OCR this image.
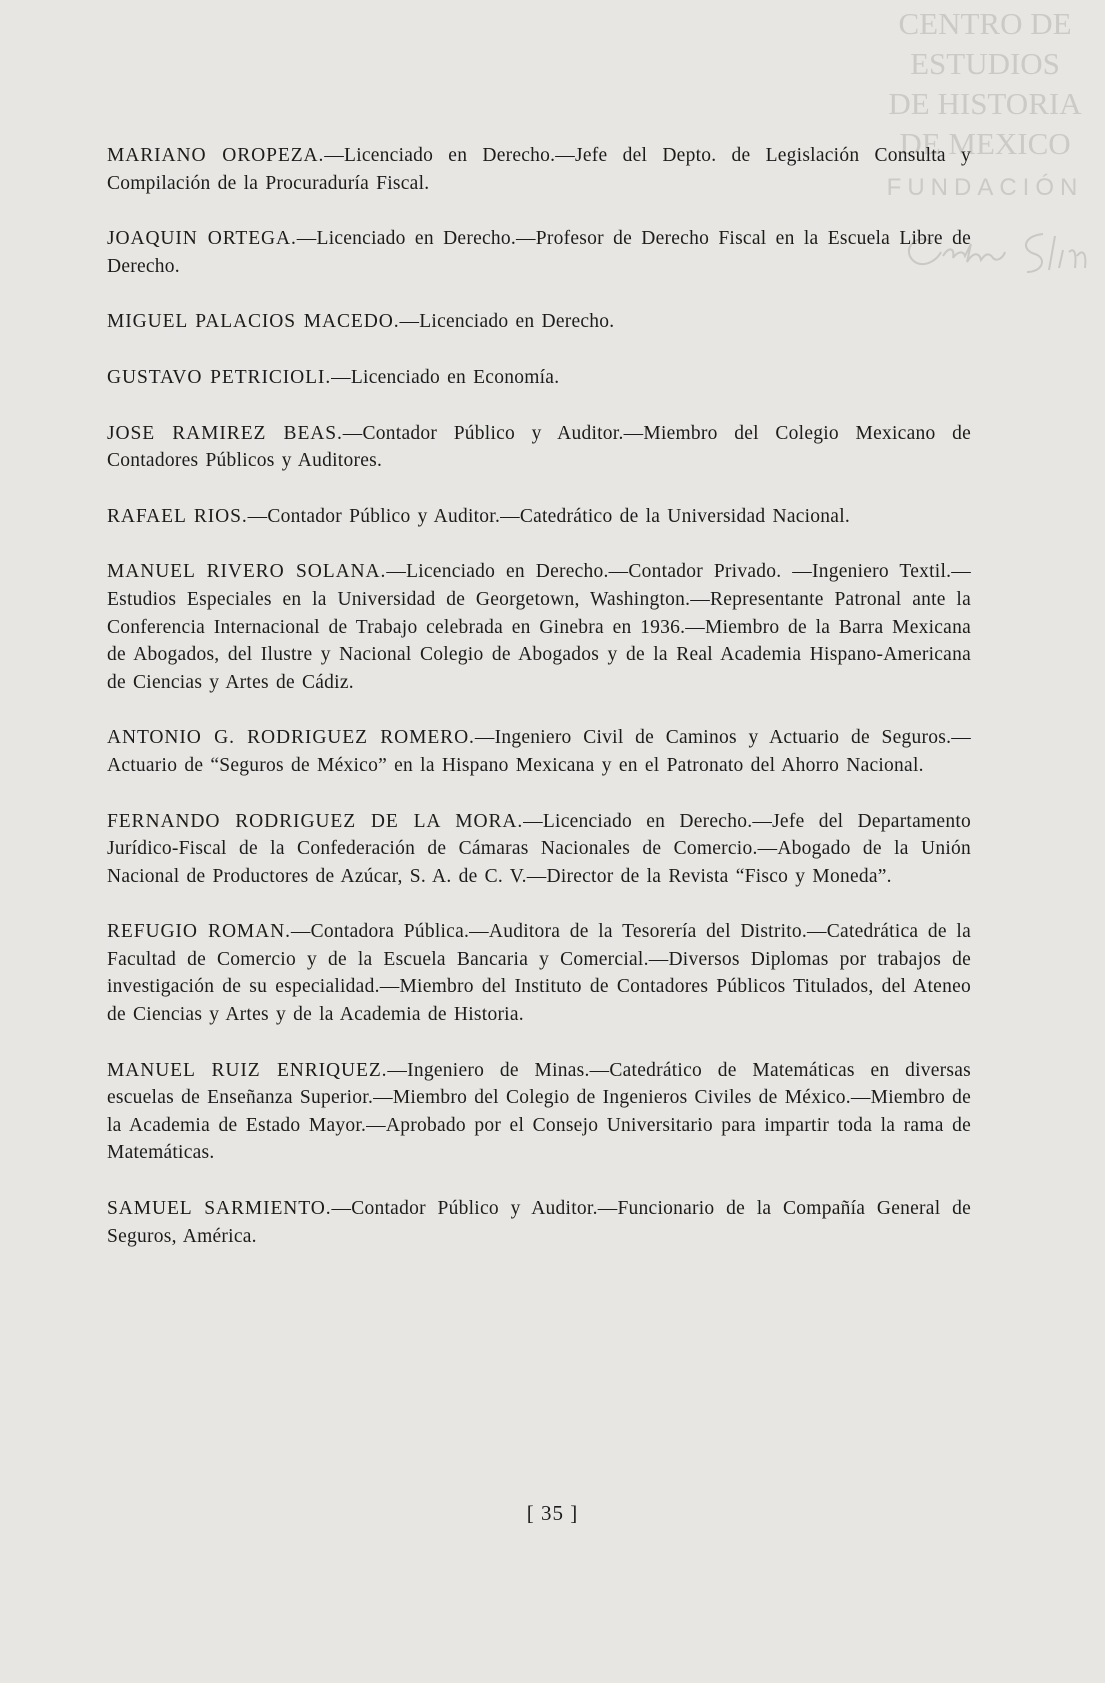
CENTRO DE
ESTUDIOS
DE HISTORIA
DE MEXICO
FUNDACIÓN

MARIANO OROPEZA.—Licenciado en Derecho.—Jefe del Depto. de Legislación Consulta y Compilación de la Procuraduría Fiscal.

JOAQUIN ORTEGA.—Licenciado en Derecho.—Profesor de Derecho Fiscal en la Escuela Libre de Derecho.

MIGUEL PALACIOS MACEDO.—Licenciado en Derecho.

GUSTAVO PETRICIOLI.—Licenciado en Economía.

JOSE RAMIREZ BEAS.—Contador Público y Auditor.—Miembro del Colegio Mexicano de Contadores Públicos y Auditores.

RAFAEL RIOS.—Contador Público y Auditor.—Catedrático de la Universidad Nacional.

MANUEL RIVERO SOLANA.—Licenciado en Derecho.—Contador Privado. —Ingeniero Textil.—Estudios Especiales en la Universidad de Georgetown, Washington.—Representante Patronal ante la Conferencia Internacional de Trabajo celebrada en Ginebra en 1936.—Miembro de la Barra Mexicana de Abogados, del Ilustre y Nacional Colegio de Abogados y de la Real Academia Hispano-Americana de Ciencias y Artes de Cádiz.

ANTONIO G. RODRIGUEZ ROMERO.—Ingeniero Civil de Caminos y Actuario de Seguros.—Actuario de “Seguros de México” en la Hispano Mexicana y en el Patronato del Ahorro Nacional.

FERNANDO RODRIGUEZ DE LA MORA.—Licenciado en Derecho.—Jefe del Departamento Jurídico-Fiscal de la Confederación de Cámaras Nacionales de Comercio.—Abogado de la Unión Nacional de Productores de Azúcar, S. A. de C. V.—Director de la Revista “Fisco y Moneda”.

REFUGIO ROMAN.—Contadora Pública.—Auditora de la Tesorería del Distrito.—Catedrática de la Facultad de Comercio y de la Escuela Bancaria y Comercial.—Diversos Diplomas por trabajos de investigación de su especialidad.—Miembro del Instituto de Contadores Públicos Titulados, del Ateneo de Ciencias y Artes y de la Academia de Historia.

MANUEL RUIZ ENRIQUEZ.—Ingeniero de Minas.—Catedrático de Matemáticas en diversas escuelas de Enseñanza Superior.—Miembro del Colegio de Ingenieros Civiles de México.—Miembro de la Academia de Estado Mayor.—Aprobado por el Consejo Universitario para impartir toda la rama de Matemáticas.

SAMUEL SARMIENTO.—Contador Público y Auditor.—Funcionario de la Compañía General de Seguros, América.

[ 35 ]
